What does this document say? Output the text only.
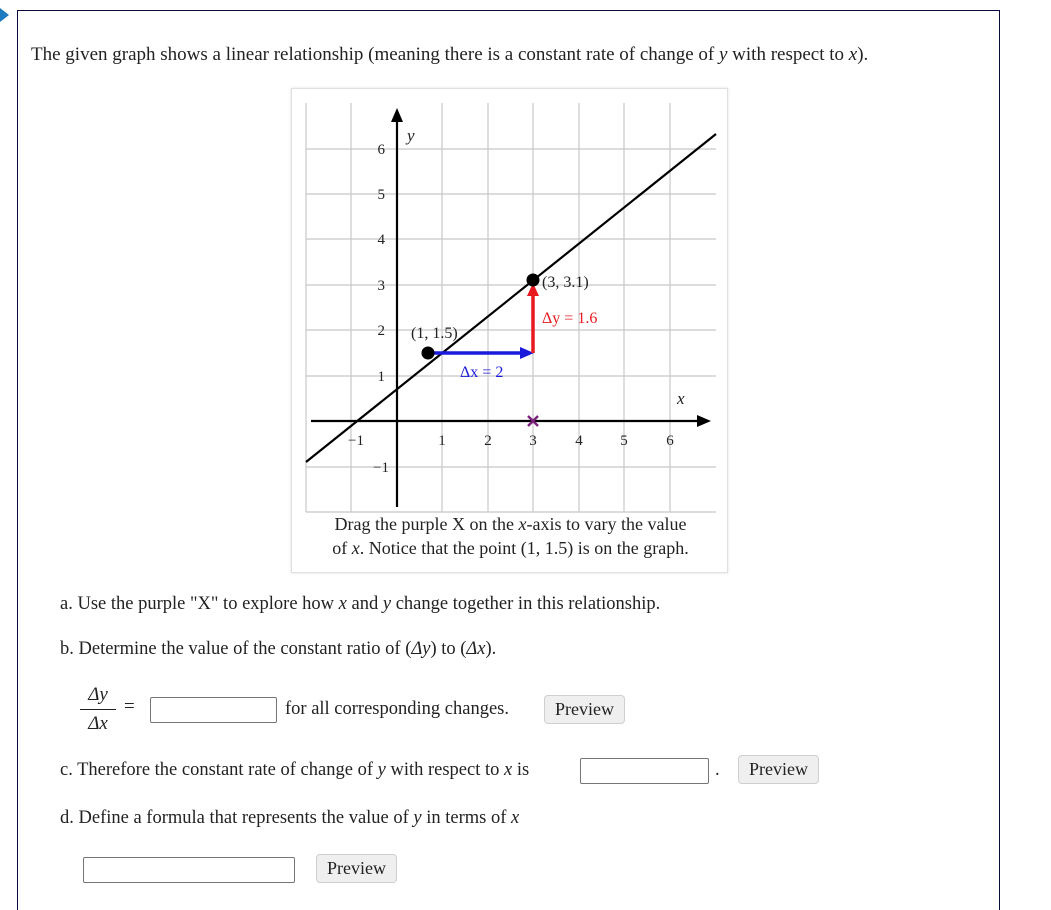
The given graph shows a linear relationship (meaning there is a constant rate of change of y with respect to x).
6
5
4
3
2
1
−1
−1	1	2	3	4	5	6
y
x
(1, 1.5)
(3, 3.1)
Δy = 1.6
Δx = 2
Drag the purple X on the x-axis to vary the value
of x. Notice that the point (1, 1.5) is on the graph.
a. Use the purple "X" to explore how x and y change together in this relationship.
b. Determine the value of the constant ratio of (Δy) to (Δx).
Δy
Δx
=	for all corresponding changes.	Preview
c. Therefore the constant rate of change of y with respect to x is	.	Preview
d. Define a formula that represents the value of y in terms of x
Preview
